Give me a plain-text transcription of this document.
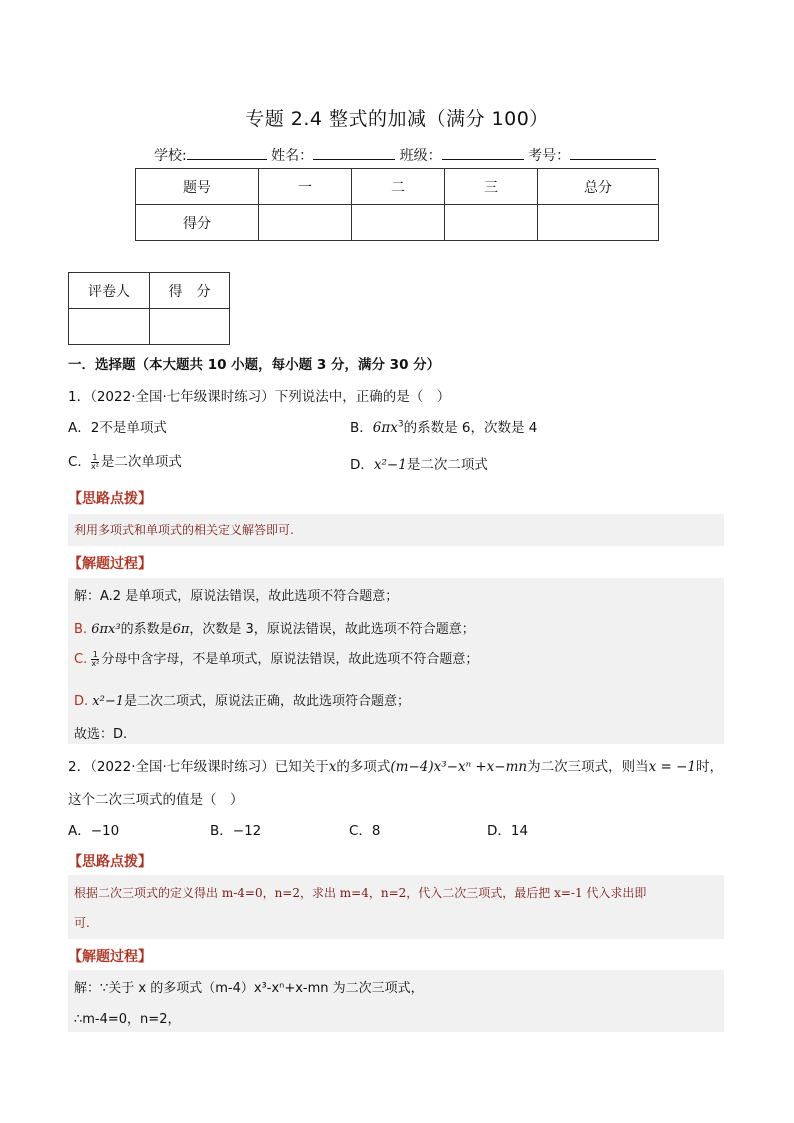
专题 2.4 整式的加减（满分 100）
学校:	姓名：	班级：	考号：
题号	一	二	三	总分
得分				
评卷人	得　分

一．选择题（本大题共 10 小题，每小题 3 分，满分 30 分）
1．（2022·全国·七年级课时练习）下列说法中，正确的是（　）
A．2不是单项式	B．$6\pi x^3$的系数是 6，次数是 4
C． $\frac{1}{\text{x²}}$ 是二次单项式	D．x²−1是二次二项式
【思路点拨】
利用多项式和单项式的相关定义解答即可.
【解题过程】
解：A.2 是单项式，原说法错误，故此选项不符合题意；
B. 6πx³的系数是6π，次数是 3，原说法错误，故此选项不符合题意；
C. $\frac{1}{\text{x²}}$ 分母中含字母，不是单项式，原说法错误，故此选项不符合题意；
D. x²−1是二次二项式，原说法正确，故此选项符合题意；
故选：D.
2．（2022·全国·七年级课时练习）已知关于x的多项式(m−4)x³−xⁿ +x−mn为二次三项式，则当x = −1时，
这个二次三项式的值是（　）
A．−10	B．−12	C．8	D．14
【思路点拨】
根据二次三项式的定义得出 m-4=0，n=2，求出 m=4，n=2，代入二次三项式，最后把 x=-1 代入求出即
可.
【解题过程】
解：∵关于 x 的多项式（m-4）x³-xⁿ+x-mn 为二次三项式，
∴m-4=0，n=2，
